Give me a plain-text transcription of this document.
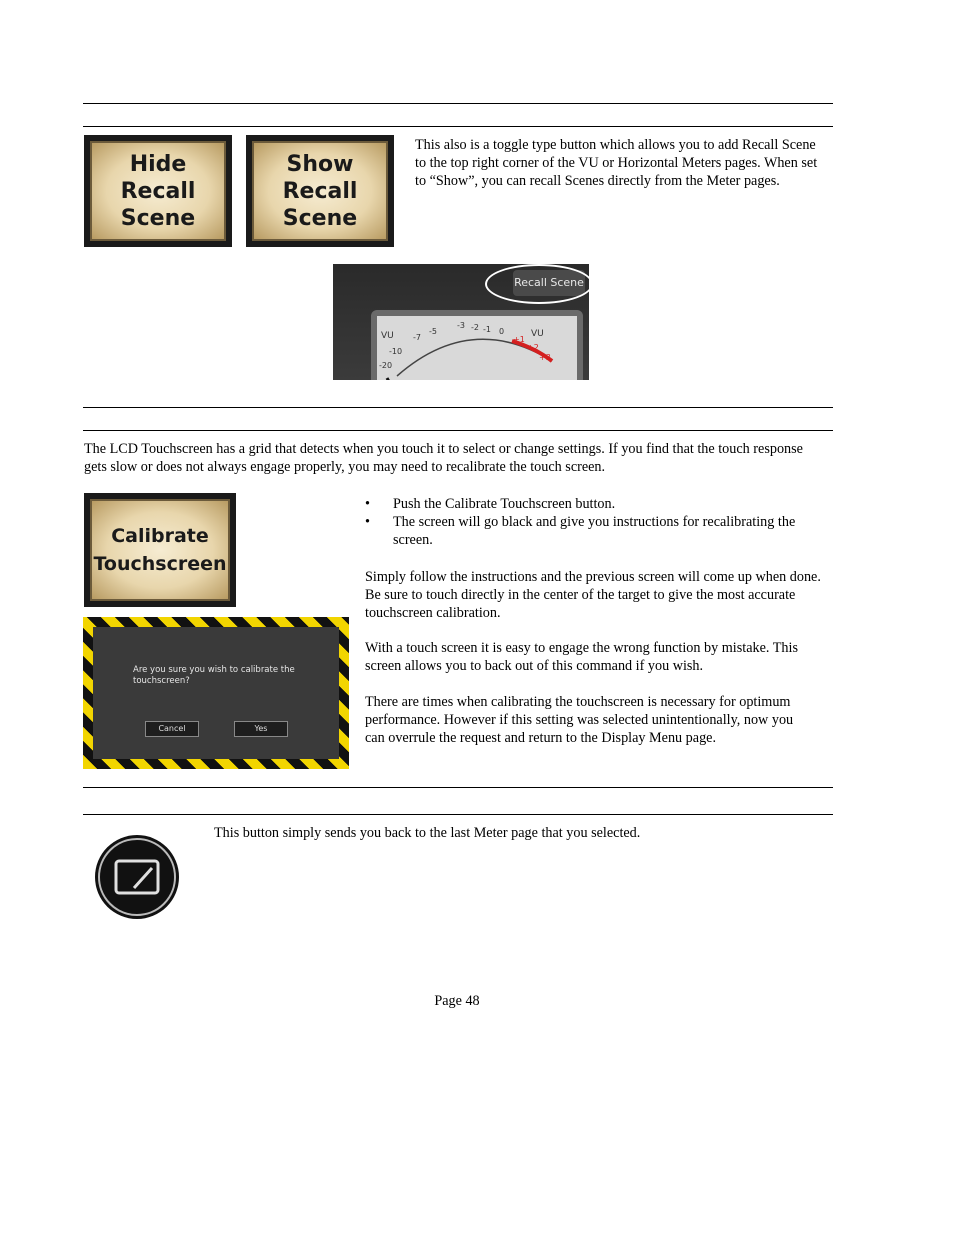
Hide
Recall
Scene
Show
Recall
Scene

This also is a toggle type button which allows you to add Recall Scene to the top right corner of the VU or Horizontal Meters pages. When set to “Show”, you can recall Scenes directly from the Meter pages.

VU
-20
-10
-7
-5
-3 -2 -1 0
+1
+2
+3
VU
Recall Scene

The LCD Touchscreen has a grid that detects when you touch it to select or change settings. If you find that the touch response gets slow or does not always engage properly, you may need to recalibrate the touch screen.

Calibrate
Touchscreen
• Push the Calibrate Touchscreen button.
• The screen will go black and give you instructions for recalibrating the screen.

Simply follow the instructions and the previous screen will come up when done. Be sure to touch directly in the center of the target to give the most accurate touchscreen calibration.

With a touch screen it is easy to engage the wrong function by mistake. This screen allows you to back out of this command if you wish.

There are times when calibrating the touchscreen is necessary for optimum performance. However if this setting was selected unintentionally, now you can overrule the request and return to the Display Menu page.

Are you sure you wish to calibrate the touchscreen?
Cancel	Yes

This button simply sends you back to the last Meter page that you selected.

Page 48
